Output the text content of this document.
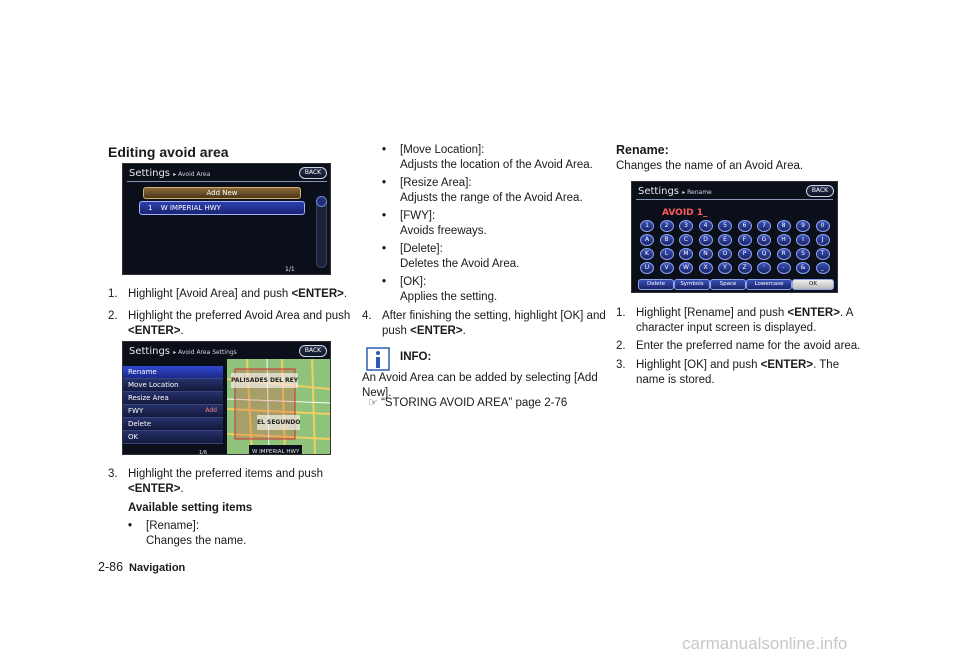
Editing avoid area
Settings ▸ Avoid Area	BACK
Add New
1 W IMPERIAL HWY
1/1
1. Highlight [Avoid Area] and push <ENTER>.
2. Highlight the preferred Avoid Area and push
<ENTER>.
Settings ▸ Avoid Area Settings	BACK
PALISADES DEL REY
EL SEGUNDO
Rename
Move Location
Resize Area
FWY	Add
Delete
OK
1/6	W IMPERIAL HWY
3. Highlight the preferred items and push
<ENTER>.
Available setting items
•	[Rename]:
Changes the name.
•	[Move Location]:
Adjusts the location of the Avoid Area.
•	[Resize Area]:
Adjusts the range of the Avoid Area.
•	[FWY]:
Avoids freeways.
•	[Delete]:
Deletes the Avoid Area.
•	[OK]:
Applies the setting.
4. After finishing the setting, highlight [OK] and
push <ENTER>.
INFO:
An Avoid Area can be added by selecting [Add
New].
☞ “STORING AVOID AREA” page 2-76
Rename:
Changes the name of an Avoid Area.
Settings ▸ Rename	BACK
AVOID 1_
1	2	3	4	5	6	7	8	9	0
A	B	C	D	E	F	G	H	I	J
K	L	M	N	O	P	Q	R	S	T
U	V	W	X	Y	Z	'	-	&	_
Delete	Symbols	Space	Lowercase	OK
1. Highlight [Rename] and push <ENTER>. A
character input screen is displayed.
2. Enter the preferred name for the avoid area.
3. Highlight [OK] and push <ENTER>. The
name is stored.
2-86 Navigation
carmanualsonline.info
